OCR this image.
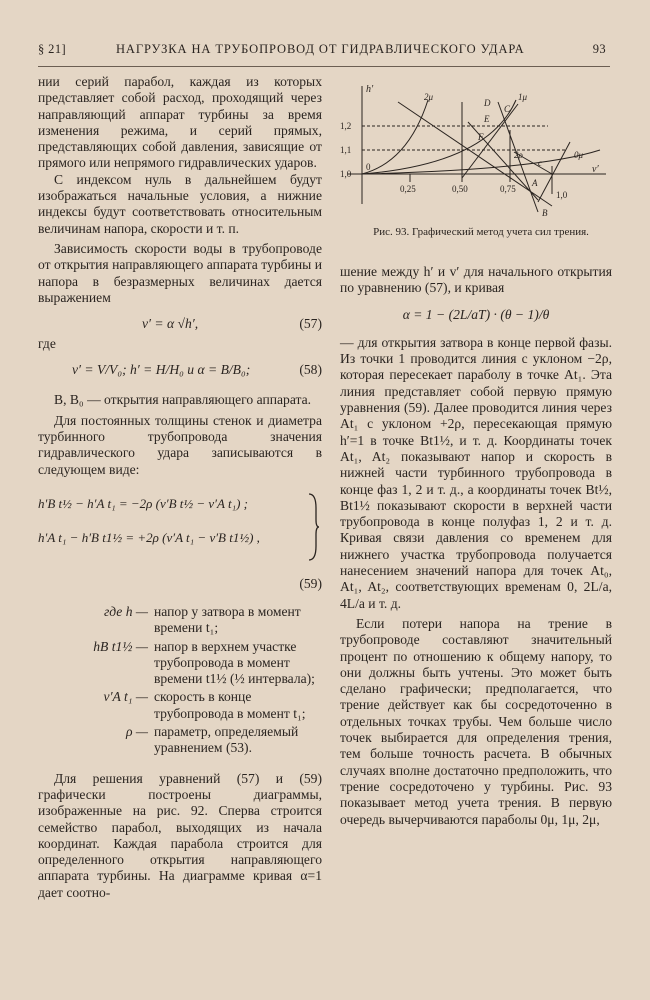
§ 21]	НАГРУЗКА НА ТРУБОПРОВОД ОТ ГИДРАВЛИЧЕСКОГО УДАРА	93

нии серий парабол, каждая из которых представляет собой расход, проходящий через направляющий аппарат турбины за время изменения режима, и серий прямых, представляющих собой давления, зависящие от прямого или непрямого гидравлических ударов.

С индексом нуль в дальнейшем будут изображаться начальные условия, а нижние индексы будут соответствовать относительным величинам напора, скорости и т. п.

Зависимость скорости воды в трубопроводе от открытия направляющего аппарата турбины и напора в безразмерных величинах дается выражением

v′ = α √h′,	(57)
где
v′ = V/V₀; h′ = H/H₀ и α = B/B₀;	(58)

B, B₀ — открытия направляющего аппарата.

Для постоянных толщины стенок и диаметра турбинного трубопровода значения гидравлического удара записываются в следующем виде:

h′B t½ − h′A t₁ = −2ρ (v′B t½ − v′A t₁) ;
h′A t₁ − h′B t1½ = +2ρ (v′A t₁ − v′B t1½) ,
(59)
где h — напор у затвора в момент времени t₁;
hB t1½ — напор в верхнем участке трубопровода в момент времени t1½ (½ интервала);
v′A t₁ — скорость в конце трубопровода в момент t₁;
ρ — параметр, определяемый уравнением (53).

Для решения уравнений (57) и (59) графически построены диаграммы, изображенные на рис. 92. Сперва строится семейство парабол, выходящих из начала координат. Каждая парабола строится для определенного открытия направляющего аппарата турбины. На диаграмме кривая α=1 дает соотно-

h′
v′
1,2
1,1
1,0
0
0,25	0,50	0,75
1,0
2μ	1μ
0μ
D
C
E
F
2ρ
A
B
c
Рис. 93. Графический метод учета сил трения.

шение между h′ и v′ для начального открытия по уравнению (57), и кривая

α = 1 − (2L/aT) · (θ − 1)/θ

— для открытия затвора в конце первой фазы. Из точки 1 проводится линия с уклоном −2ρ, которая пересекает параболу в точке At₁. Эта линия представляет собой первую прямую уравнения (59). Далее проводится линия через At₁ с уклоном +2ρ, пересекающая прямую h′=1 в точке Bt1½, и т. д. Координаты точек At₁, At₂ показывают напор и скорость в нижней части турбинного трубопровода в конце фаз 1, 2 и т. д., а координаты точек Bt½, Bt1½ показывают скорости в верхней части трубопровода в конце полуфаз 1, 2 и т. д. Кривая связи давления со временем для нижнего участка трубопровода получается нанесением значений напора для точек At₀, At₁, At₂, соответствующих временам 0, 2L/a, 4L/a и т. д.

Если потери напора на трение в трубопроводе составляют значительный процент по отношению к общему напору, то они должны быть учтены. Это может быть сделано графически; предполагается, что трение действует как бы сосредоточенно в отдельных точках трубы. Чем больше число точек выбирается для определения трения, тем больше точность расчета. В обычных случаях вполне достаточно предположить, что трение сосредоточено у турбины. Рис. 93 показывает метод учета трения. В первую очередь вычерчиваются параболы 0μ, 1μ, 2μ,
